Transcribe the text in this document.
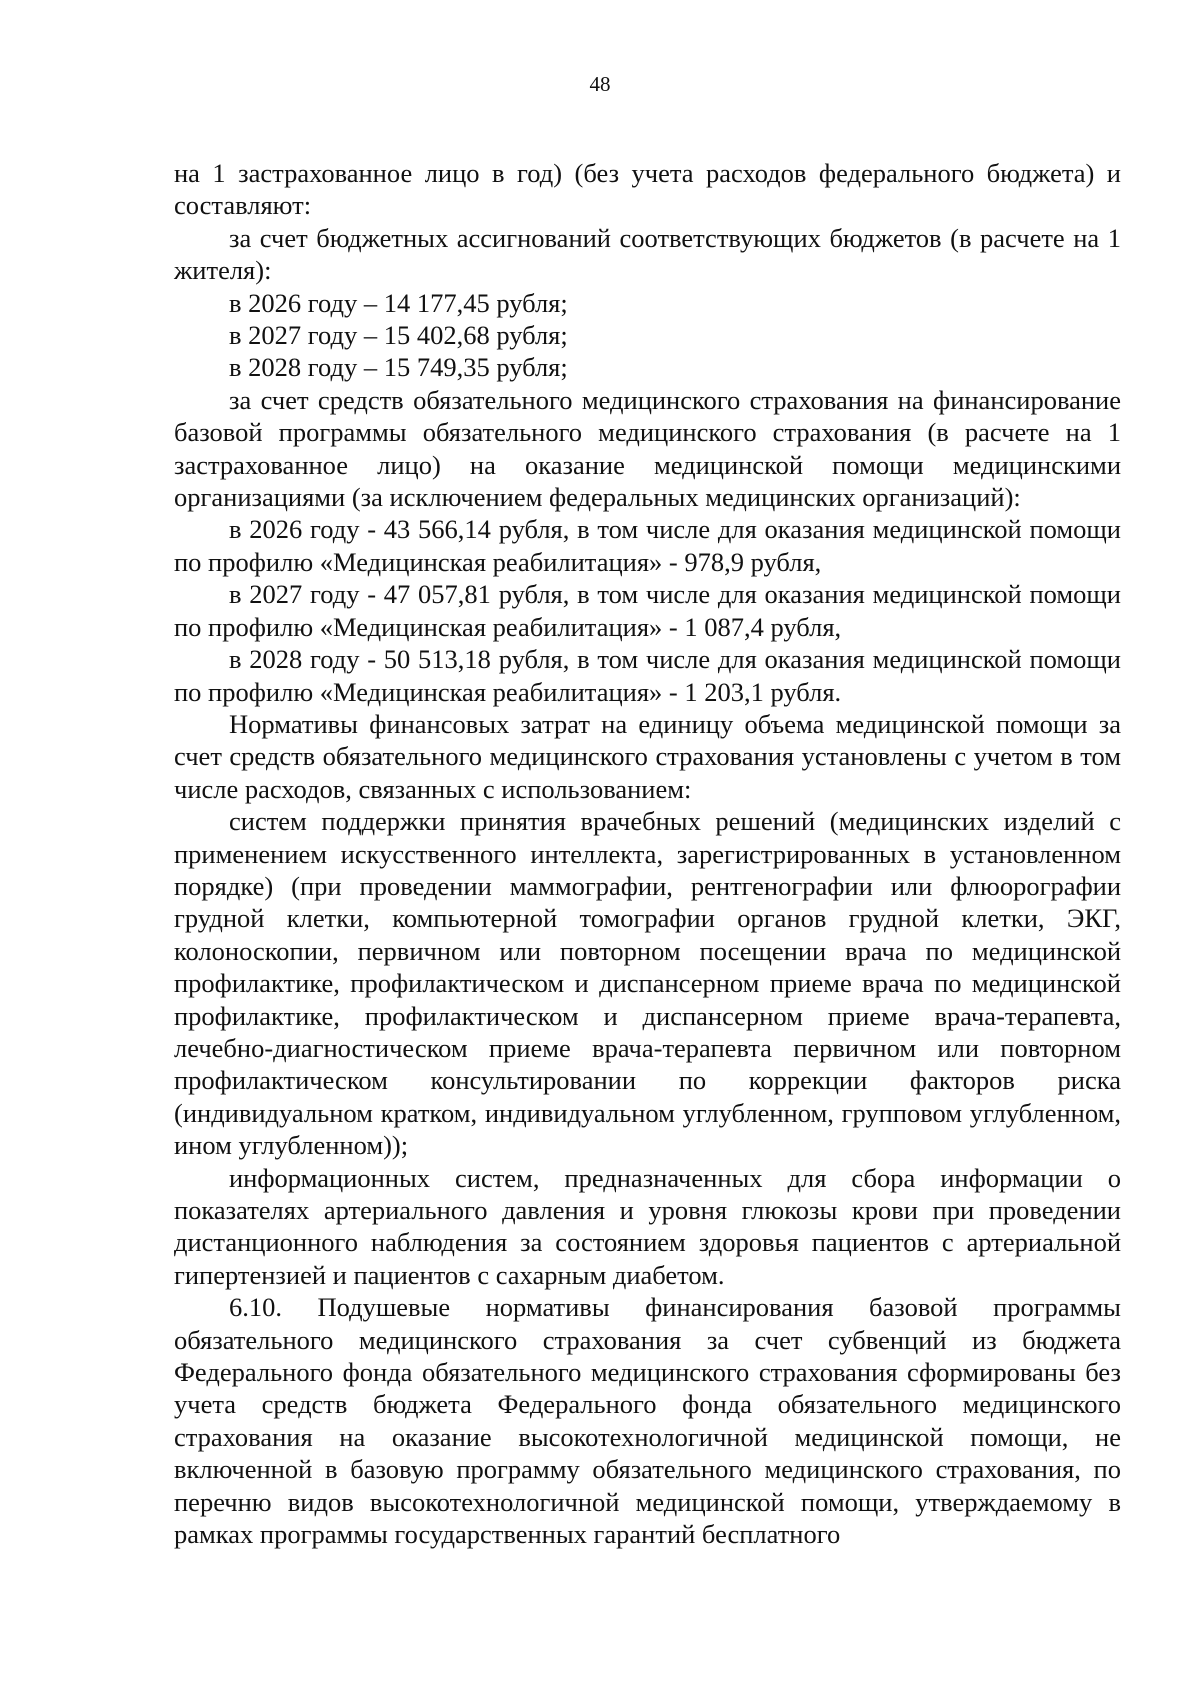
48

на 1 застрахованное лицо в год) (без учета расходов федерального бюджета) и составляют:

за счет бюджетных ассигнований соответствующих бюджетов (в расчете на 1 жителя):

в 2026 году – 14 177,45 рубля;

в 2027 году – 15 402,68 рубля;

в 2028 году – 15 749,35 рубля;

за счет средств обязательного медицинского страхования на финансирование базовой программы обязательного медицинского страхования (в расчете на 1 застрахованное лицо) на оказание медицинской помощи медицинскими организациями (за исключением федеральных медицинских организаций):

в 2026 году - 43 566,14 рубля, в том числе для оказания медицинской помощи по профилю «Медицинская реабилитация» - 978,9 рубля,

в 2027 году - 47 057,81 рубля, в том числе для оказания медицинской помощи по профилю «Медицинская реабилитация» - 1 087,4 рубля,

в 2028 году - 50 513,18 рубля, в том числе для оказания медицинской помощи по профилю «Медицинская реабилитация» - 1 203,1 рубля.

Нормативы финансовых затрат на единицу объема медицинской помощи за счет средств обязательного медицинского страхования установлены с учетом в том числе расходов, связанных с использованием:

систем поддержки принятия врачебных решений (медицинских изделий с применением искусственного интеллекта, зарегистрированных в установленном порядке) (при проведении маммографии, рентгенографии или флюорографии грудной клетки, компьютерной томографии органов грудной клетки, ЭКГ, колоноскопии, первичном или повторном посещении врача по медицинской профилактике, профилактическом и диспансерном приеме врача по медицинской профилактике, профилактическом и диспансерном приеме врача-терапевта, лечебно-диагностическом приеме врача-терапевта первичном или повторном профилактическом консультировании по коррекции факторов риска (индивидуальном кратком, индивидуальном углубленном, групповом углубленном, ином углубленном));

информационных систем, предназначенных для сбора информации о показателях артериального давления и уровня глюкозы крови при проведении дистанционного наблюдения за состоянием здоровья пациентов с артериальной гипертензией и пациентов с сахарным диабетом.

6.10. Подушевые нормативы финансирования базовой программы обязательного медицинского страхования за счет субвенций из бюджета Федерального фонда обязательного медицинского страхования сформированы без учета средств бюджета Федерального фонда обязательного медицинского страхования на оказание высокотехнологичной медицинской помощи, не включенной в базовую программу обязательного медицинского страхования, по перечню видов высокотехнологичной медицинской помощи, утверждаемому в рамках программы государственных гарантий бесплатного
